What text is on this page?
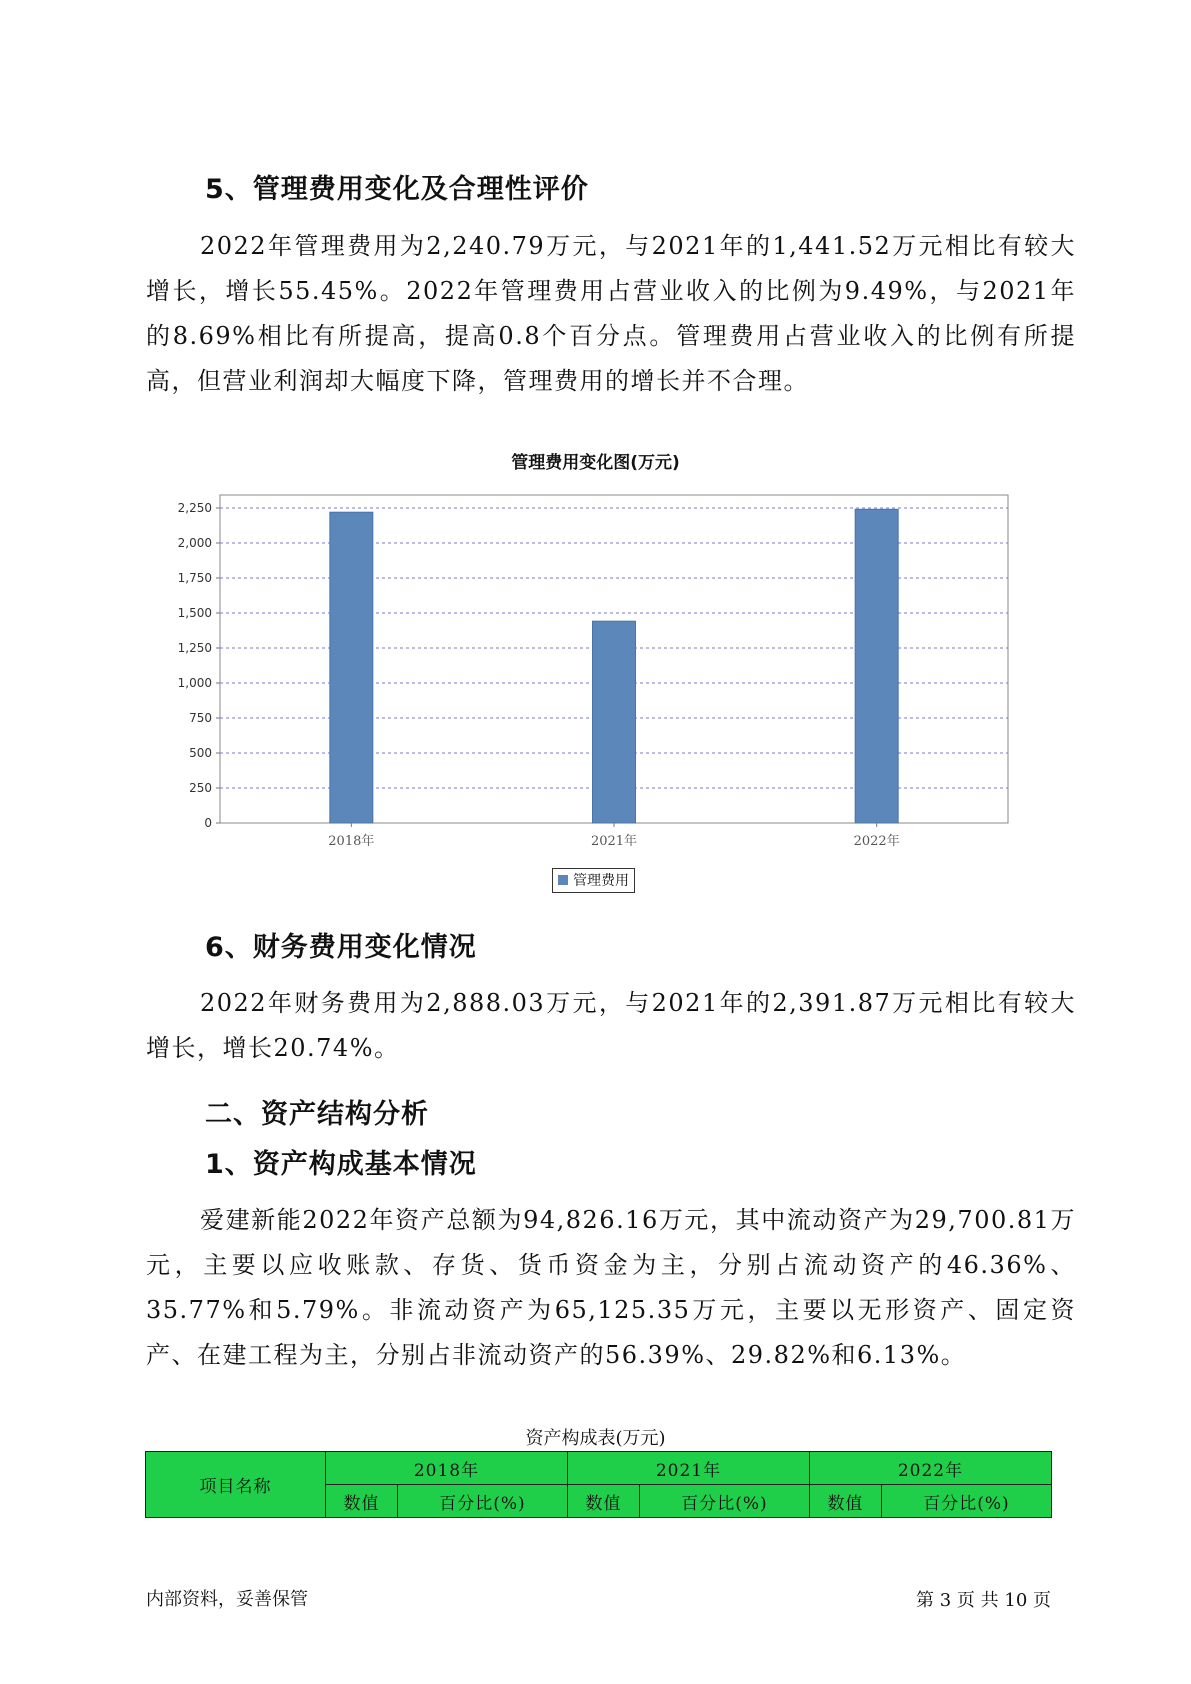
5、管理费用变化及合理性评价
2022年管理费用为2,240.79万元，与2021年的1,441.52万元相比有较大增长，增长55.45%。2022年管理费用占营业收入的比例为9.49%，与2021年的8.69%相比有所提高，提高0.8个百分点。管理费用占营业收入的比例有所提高，但营业利润却大幅度下降，管理费用的增长并不合理。
管理费用变化图(万元)
0
250
500
750
1,000
1,250
1,500
1,750
2,000
2,250
2018年	2021年	2022年
管理费用
6、财务费用变化情况
2022年财务费用为2,888.03万元，与2021年的2,391.87万元相比有较大增长，增长20.74%。
二、资产结构分析
1、资产构成基本情况
爱建新能2022年资产总额为94,826.16万元，其中流动资产为29,700.81万元，主要以应收账款、存货、货币资金为主，分别占流动资产的46.36%、35.77%和5.79%。非流动资产为65,125.35万元，主要以无形资产、固定资产、在建工程为主，分别占非流动资产的56.39%、29.82%和6.13%。
资产构成表(万元)
项目名称	2018年		2021年		2022年	
	数值	百分比(%)	数值	百分比(%)	数值	百分比(%)
内部资料，妥善保管	第 3 页 共 10 页
